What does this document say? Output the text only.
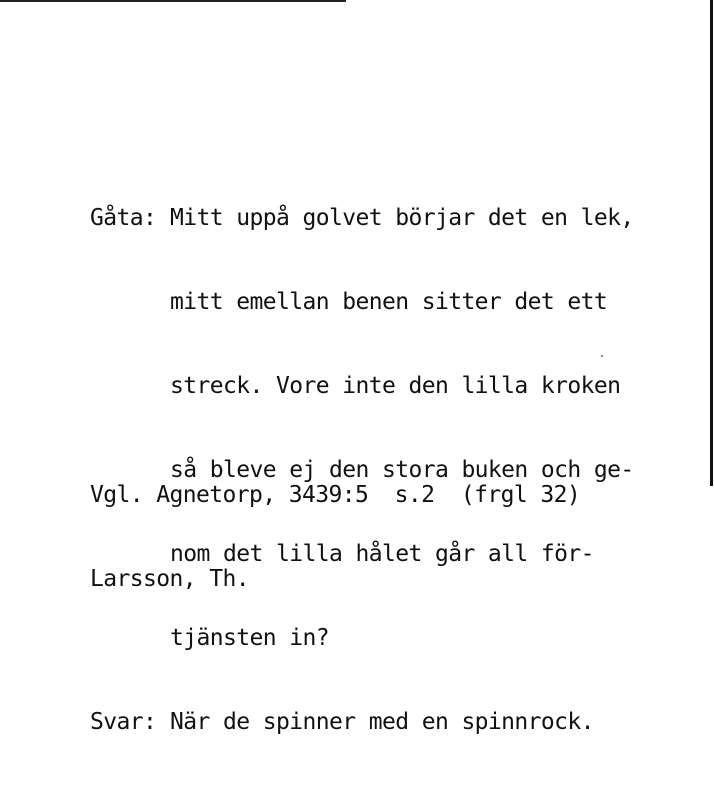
Gåta: Mitt uppå golvet börjar det en lek,

mitt emellan benen sitter det ett

streck. Vore inte den lilla kroken

så bleve ej den stora buken och ge-

nom det lilla hålet går all för-

tjänsten in?

Svar: När de spinner med en spinnrock.

Vgl. Agnetorp, 3439:5  s.2  (frgl 32)

Larsson, Th.
